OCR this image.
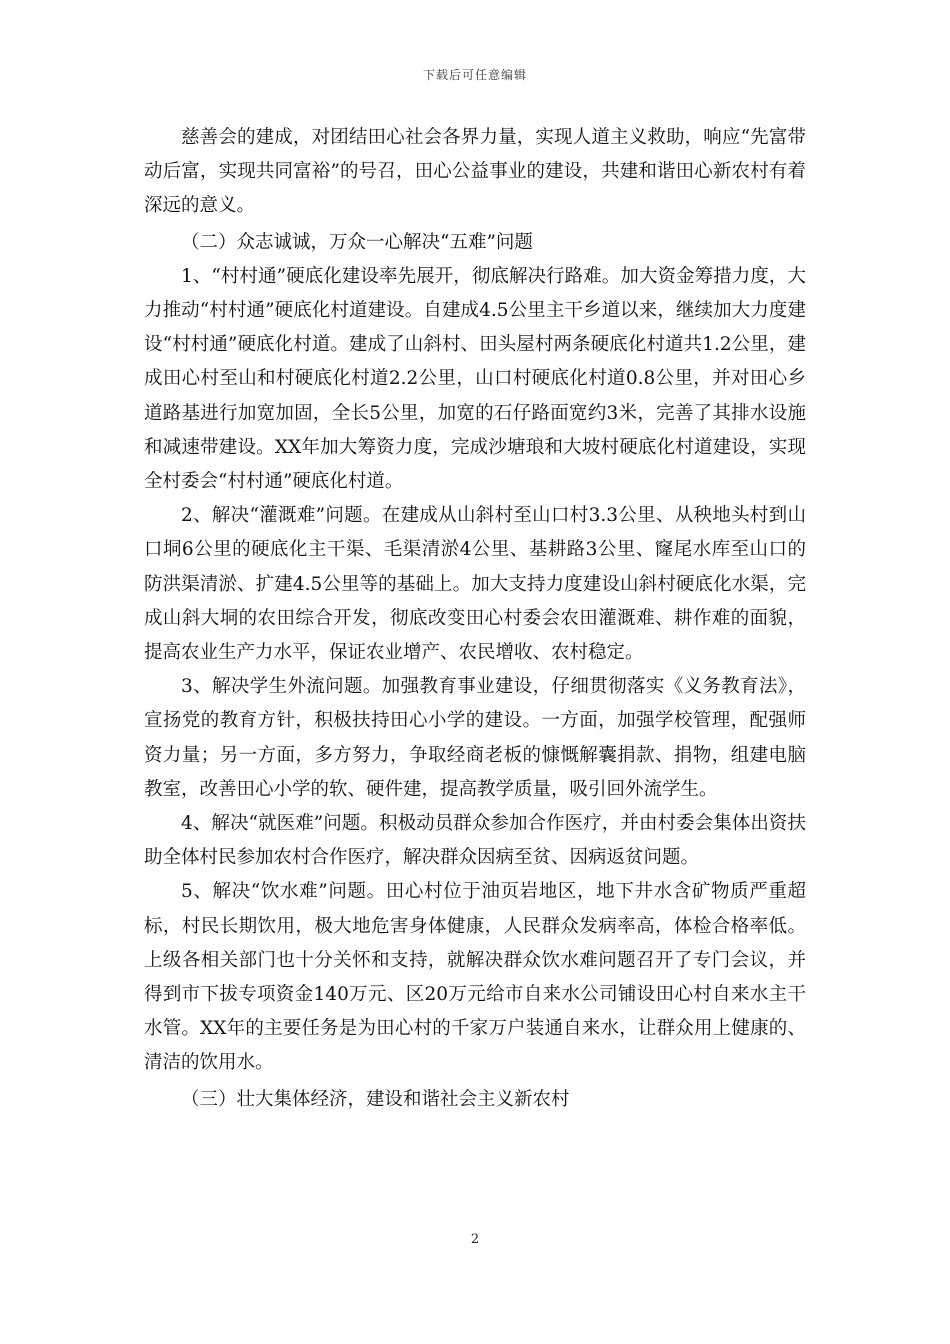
下载后可任意编辑

慈善会的建成，对团结田心社会各界力量，实现人道主义救助，响应“先富带动后富，实现共同富裕”的号召，田心公益事业的建设，共建和谐田心新农村有着深远的意义。

（二）众志诚诚，万众一心解决“五难”问题

1、“村村通”硬底化建设率先展开，彻底解决行路难。加大资金筹措力度，大力推动“村村通”硬底化村道建设。自建成4.5公里主干乡道以来，继续加大力度建设“村村通”硬底化村道。建成了山斜村、田头屋村两条硬底化村道共1.2公里，建成田心村至山和村硬底化村道2.2公里，山口村硬底化村道0.8公里，并对田心乡道路基进行加宽加固，全长5公里，加宽的石仔路面宽约3米，完善了其排水设施和减速带建设。XX年加大筹资力度，完成沙塘琅和大坡村硬底化村道建设，实现全村委会“村村通”硬底化村道。

2、解决“灌溉难”问题。在建成从山斜村至山口村3.3公里、从秧地头村到山口垌6公里的硬底化主干渠、毛渠清淤4公里、基耕路3公里、窿尾水库至山口的防洪渠清淤、扩建4.5公里等的基础上。加大支持力度建设山斜村硬底化水渠，完成山斜大垌的农田综合开发，彻底改变田心村委会农田灌溉难、耕作难的面貌，提高农业生产力水平，保证农业增产、农民增收、农村稳定。

3、解决学生外流问题。加强教育事业建设，仔细贯彻落实《义务教育法》，宣扬党的教育方针，积极扶持田心小学的建设。一方面，加强学校管理，配强师资力量；另一方面，多方努力，争取经商老板的慷慨解囊捐款、捐物，组建电脑教室，改善田心小学的软、硬件建，提高教学质量，吸引回外流学生。

4、解决“就医难”问题。积极动员群众参加合作医疗，并由村委会集体出资扶助全体村民参加农村合作医疗，解决群众因病至贫、因病返贫问题。

5、解决“饮水难”问题。田心村位于油页岩地区，地下井水含矿物质严重超标，村民长期饮用，极大地危害身体健康，人民群众发病率高，体检合格率低。上级各相关部门也十分关怀和支持，就解决群众饮水难问题召开了专门会议，并得到市下拔专项资金140万元、区20万元给市自来水公司铺设田心村自来水主干水管。XX年的主要任务是为田心村的千家万户装通自来水，让群众用上健康的、清洁的饮用水。

（三）壮大集体经济，建设和谐社会主义新农村

2
